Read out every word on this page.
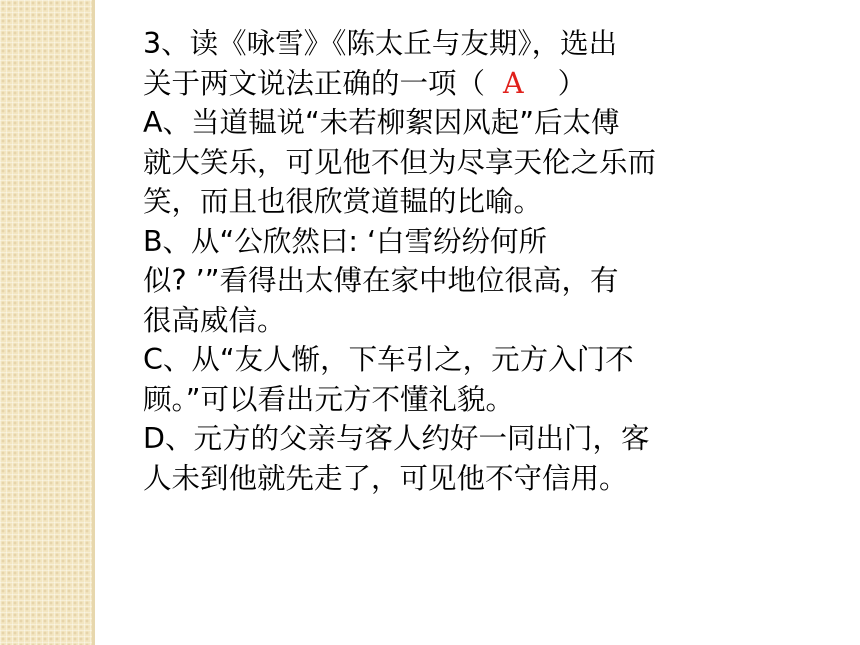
3、读《咏雪》《陈太丘与友期》，选出
关于两文说法正确的一项（ A ）
A、当道韫说“未若柳絮因风起”后太傅
就大笑乐，可见他不但为尽享天伦之乐而
笑，而且也很欣赏道韫的比喻。
B、从“公欣然曰: ‘白雪纷纷何所
似? ’”看得出太傅在家中地位很高，有
很高威信。
C、从“友人惭，下车引之，元方入门不
顾。”可以看出元方不懂礼貌。
D、元方的父亲与客人约好一同出门，客
人未到他就先走了，可见他不守信用。
